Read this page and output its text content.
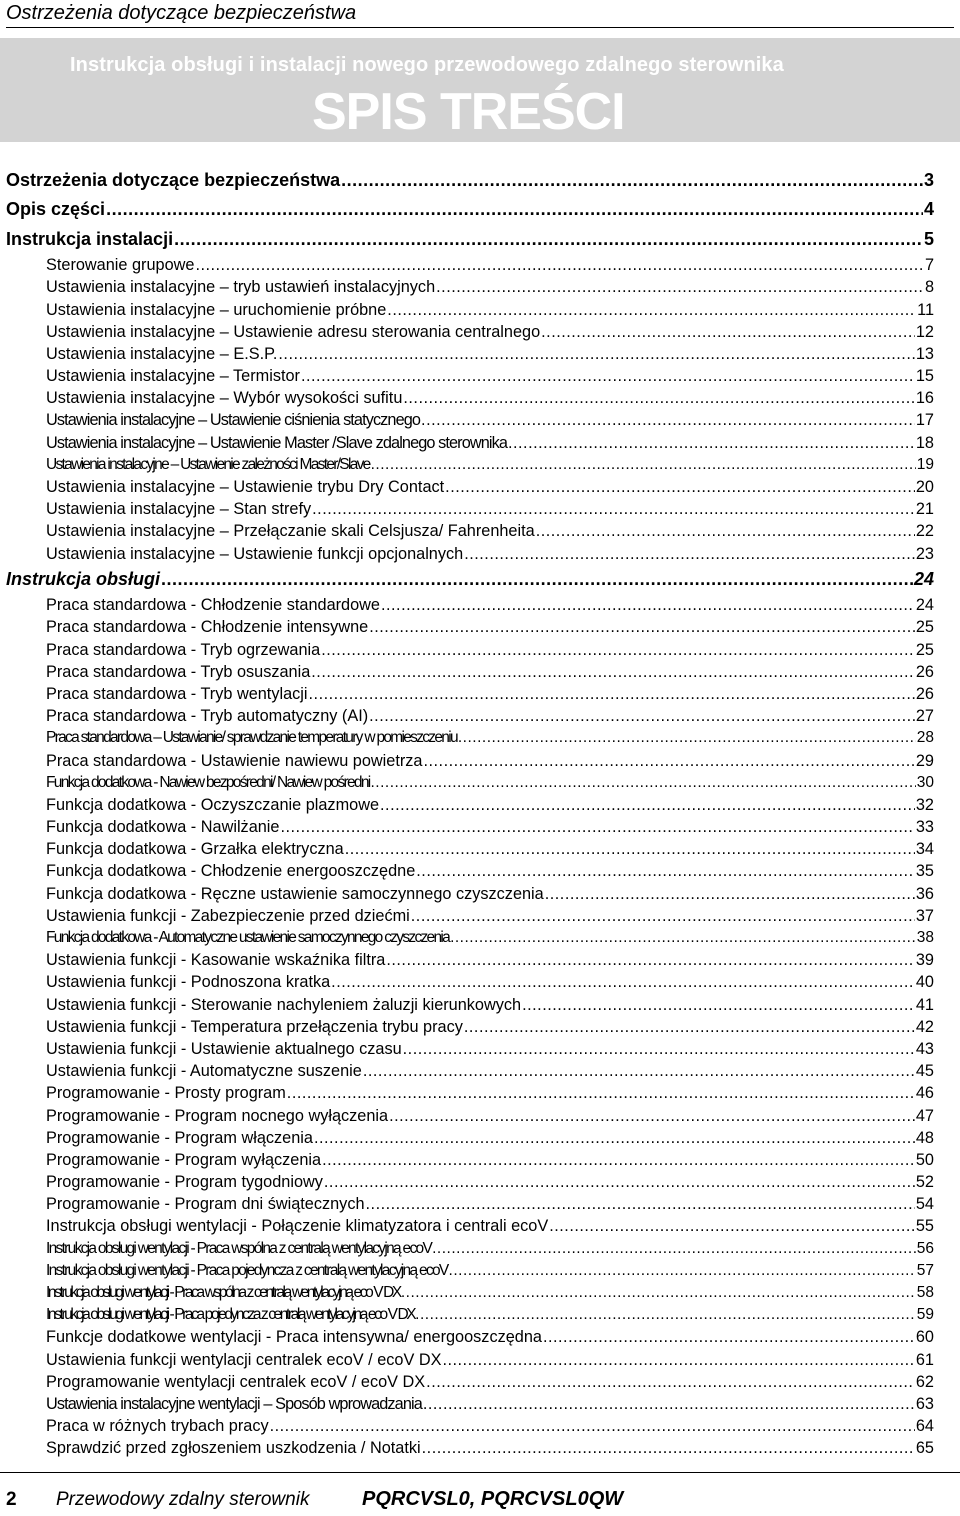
Ostrzeżenia dotyczące bezpieczeństwa
Instrukcja obsługi i instalacji nowego przewodowego zdalnego sterownika
SPIS TREŚCI
Ostrzeżenia dotyczące bezpieczeństwa .....	3
Opis części .....	4
Instrukcja instalacji .....	5
Sterowanie grupowe .....	7
Ustawienia instalacyjne – tryb ustawień instalacyjnych .....	8
Ustawienia instalacyjne – uruchomienie próbne .....	11
Ustawienia instalacyjne – Ustawienie adresu sterowania centralnego .....	12
Ustawienia instalacyjne – E.S.P. .....	13
Ustawienia instalacyjne – Termistor .....	15
Ustawienia instalacyjne – Wybór wysokości sufitu .....	16
Ustawienia instalacyjne – Ustawienie ciśnienia statycznego .....	17
Ustawienia instalacyjne – Ustawienie Master /Slave zdalnego sterownika .....	18
Ustawienia instalacyjne – Ustawienie zależności Master/Slave .....	19
Ustawienia instalacyjne – Ustawienie trybu Dry Contact .....	20
Ustawienia instalacyjne – Stan strefy .....	21
Ustawienia instalacyjne – Przełączanie skali Celsjusza/ Fahrenheita .....	22
Ustawienia instalacyjne – Ustawienie funkcji opcjonalnych .....	23
Instrukcja obsługi .....	24
Praca standardowa - Chłodzenie standardowe .....	24
Praca standardowa - Chłodzenie intensywne .....	25
Praca standardowa - Tryb ogrzewania .....	25
Praca standardowa - Tryb osuszania .....	26
Praca standardowa - Tryb wentylacji .....	26
Praca standardowa - Tryb automatyczny (AI) .....	27
Praca standardowa – Ustawianie/ sprawdzanie temperatury w pomieszczeniu .....	28
Praca standardowa - Ustawienie nawiewu powietrza .....	29
Funkcja dodatkowa - Nawiew bezpośredni/ Nawiew pośredni .....	30
Funkcja dodatkowa - Oczyszczanie plazmowe .....	32
Funkcja dodatkowa - Nawilżanie .....	33
Funkcja dodatkowa - Grzałka elektryczna .....	34
Funkcja dodatkowa - Chłodzenie energooszczędne .....	35
Funkcja dodatkowa - Ręczne ustawienie samoczynnego czyszczenia .....	36
Ustawienia funkcji - Zabezpieczenie przed dziećmi .....	37
Funkcja dodatkowa - Automatyczne ustawienie samoczynnego czyszczenia .....	38
Ustawienia funkcji - Kasowanie wskaźnika filtra .....	39
Ustawienia funkcji - Podnoszona kratka .....	40
Ustawienia funkcji - Sterowanie nachyleniem żaluzji kierunkowych .....	41
Ustawienia funkcji - Temperatura przełączenia trybu pracy .....	42
Ustawienia funkcji - Ustawienie aktualnego czasu .....	43
Ustawienia funkcji - Automatyczne suszenie .....	45
Programowanie - Prosty program .....	46
Programowanie - Program nocnego wyłączenia .....	47
Programowanie - Program włączenia .....	48
Programowanie - Program wyłączenia .....	50
Programowanie - Program tygodniowy .....	52
Programowanie - Program dni świątecznych .....	54
Instrukcja obsługi wentylacji - Połączenie klimatyzatora i centrali ecoV .....	55
Instrukcja obsługi wentylacji - Praca wspólna z centralą wentylacyjną ecoV .....	56
Instrukcja obsługi wentylacji - Praca pojedyncza z centralą wentylacyjną ecoV .....	57
Instrukcja obsługi wentylacji - Praca wspólna z centralą wentylacyjną eco V DX .....	58
Instrukcja obsługi wentylacji - Praca pojedyncza z centralą wentylacyjną eco V DX .....	59
Funkcje dodatkowe wentylacji - Praca intensywna/ energooszczędna .....	60
Ustawienia funkcji wentylacji centralek ecoV / ecoV DX .....	61
Programowanie wentylacji centralek ecoV / ecoV DX .....	62
Ustawienia instalacyjne wentylacji – Sposób wprowadzania .....	63
Praca w różnych trybach pracy .....	64
Sprawdzić przed zgłoszeniem uszkodzenia / Notatki .....	65
2 Przewodowy zdalny sterownik	PQRCVSL0, PQRCVSL0QW
